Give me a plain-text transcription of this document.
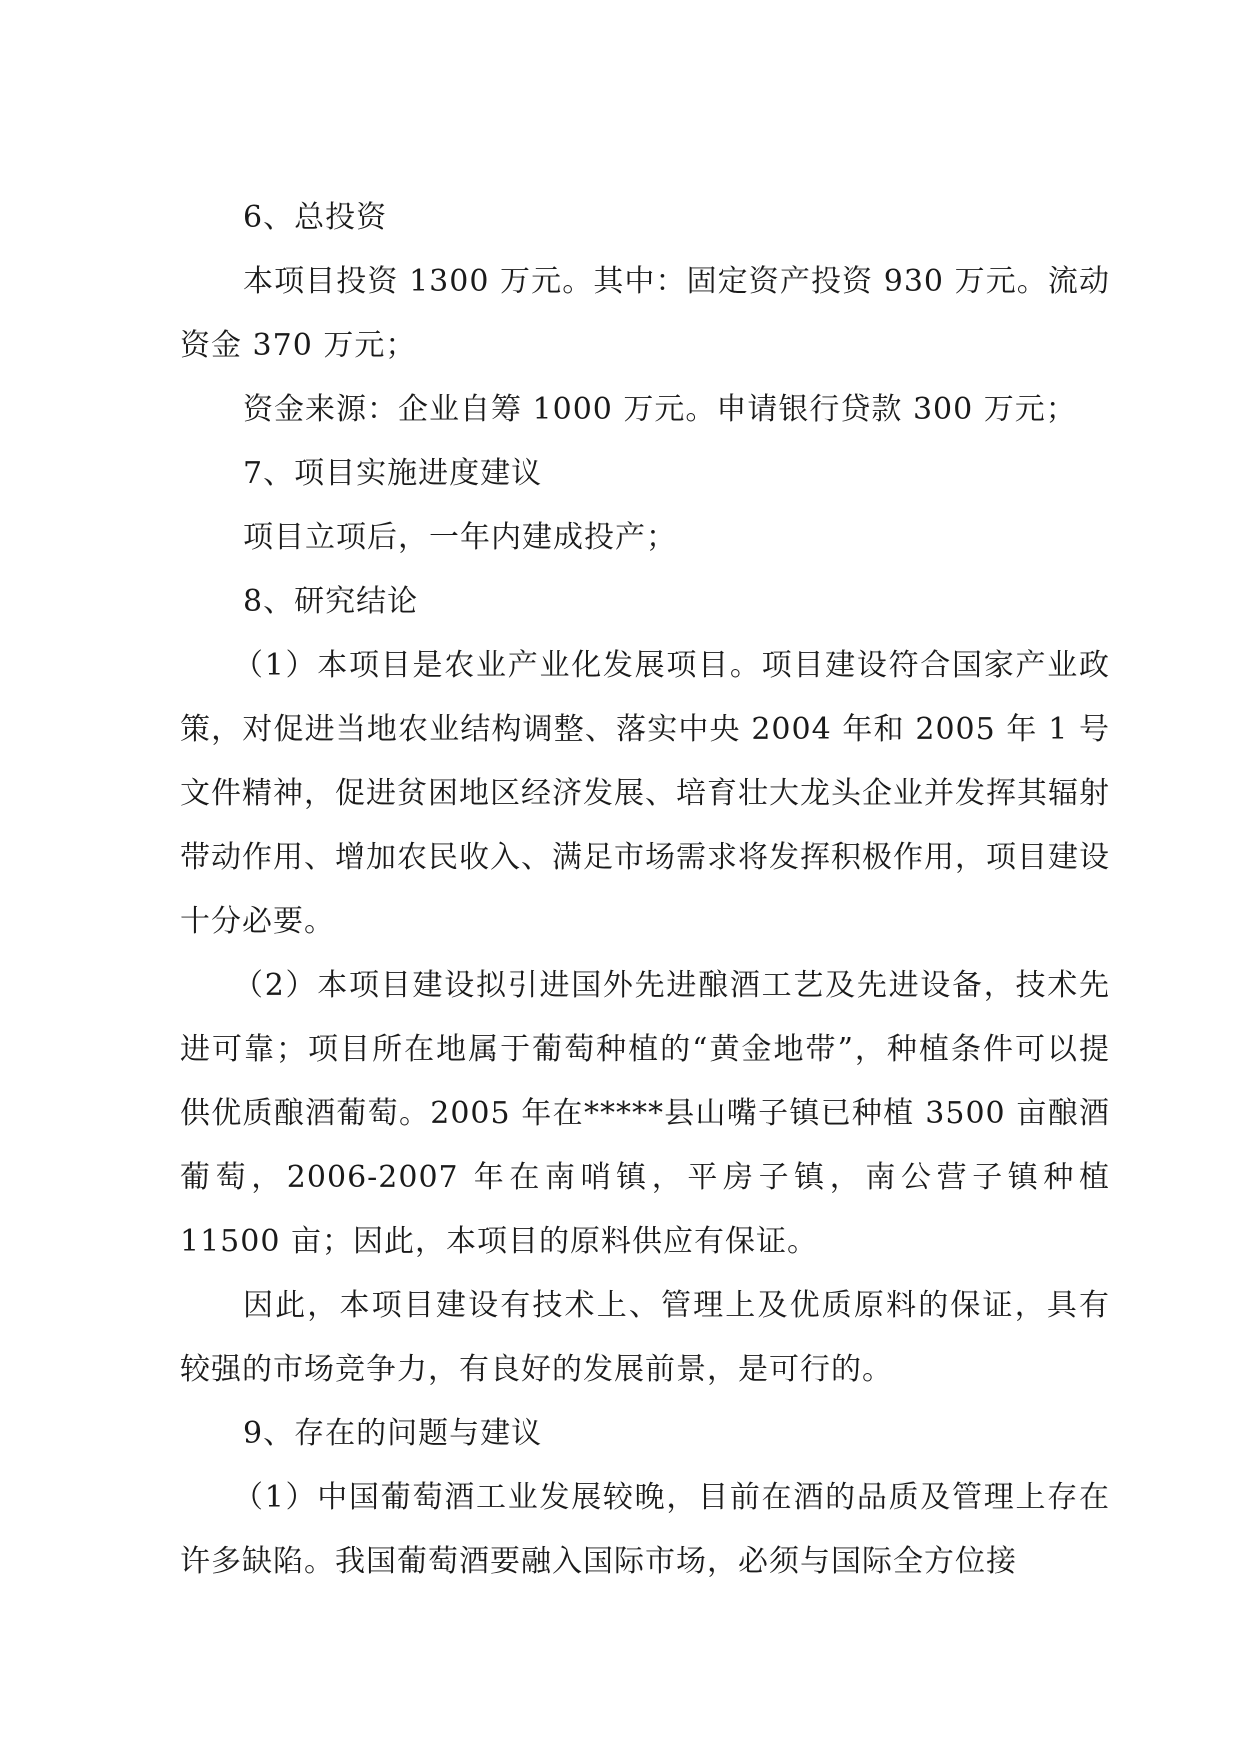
6、总投资

本项目投资 1300 万元。其中：固定资产投资 930 万元。流动资金 370 万元；

资金来源：企业自筹 1000 万元。申请银行贷款 300 万元；

7、项目实施进度建议

项目立项后，一年内建成投产；

8、研究结论

（1）本项目是农业产业化发展项目。项目建设符合国家产业政策，对促进当地农业结构调整、落实中央 2004 年和 2005 年 1 号文件精神，促进贫困地区经济发展、培育壮大龙头企业并发挥其辐射带动作用、增加农民收入、满足市场需求将发挥积极作用，项目建设十分必要。

（2）本项目建设拟引进国外先进酿酒工艺及先进设备，技术先进可靠；项目所在地属于葡萄种植的“黄金地带”，种植条件可以提供优质酿酒葡萄。2005 年在*****县山嘴子镇已种植 3500 亩酿酒葡萄，2006-2007 年在南哨镇，平房子镇，南公营子镇种植 11500 亩；因此，本项目的原料供应有保证。

因此，本项目建设有技术上、管理上及优质原料的保证，具有较强的市场竞争力，有良好的发展前景，是可行的。

9、存在的问题与建议

（1）中国葡萄酒工业发展较晚，目前在酒的品质及管理上存在许多缺陷。我国葡萄酒要融入国际市场，必须与国际全方位接
